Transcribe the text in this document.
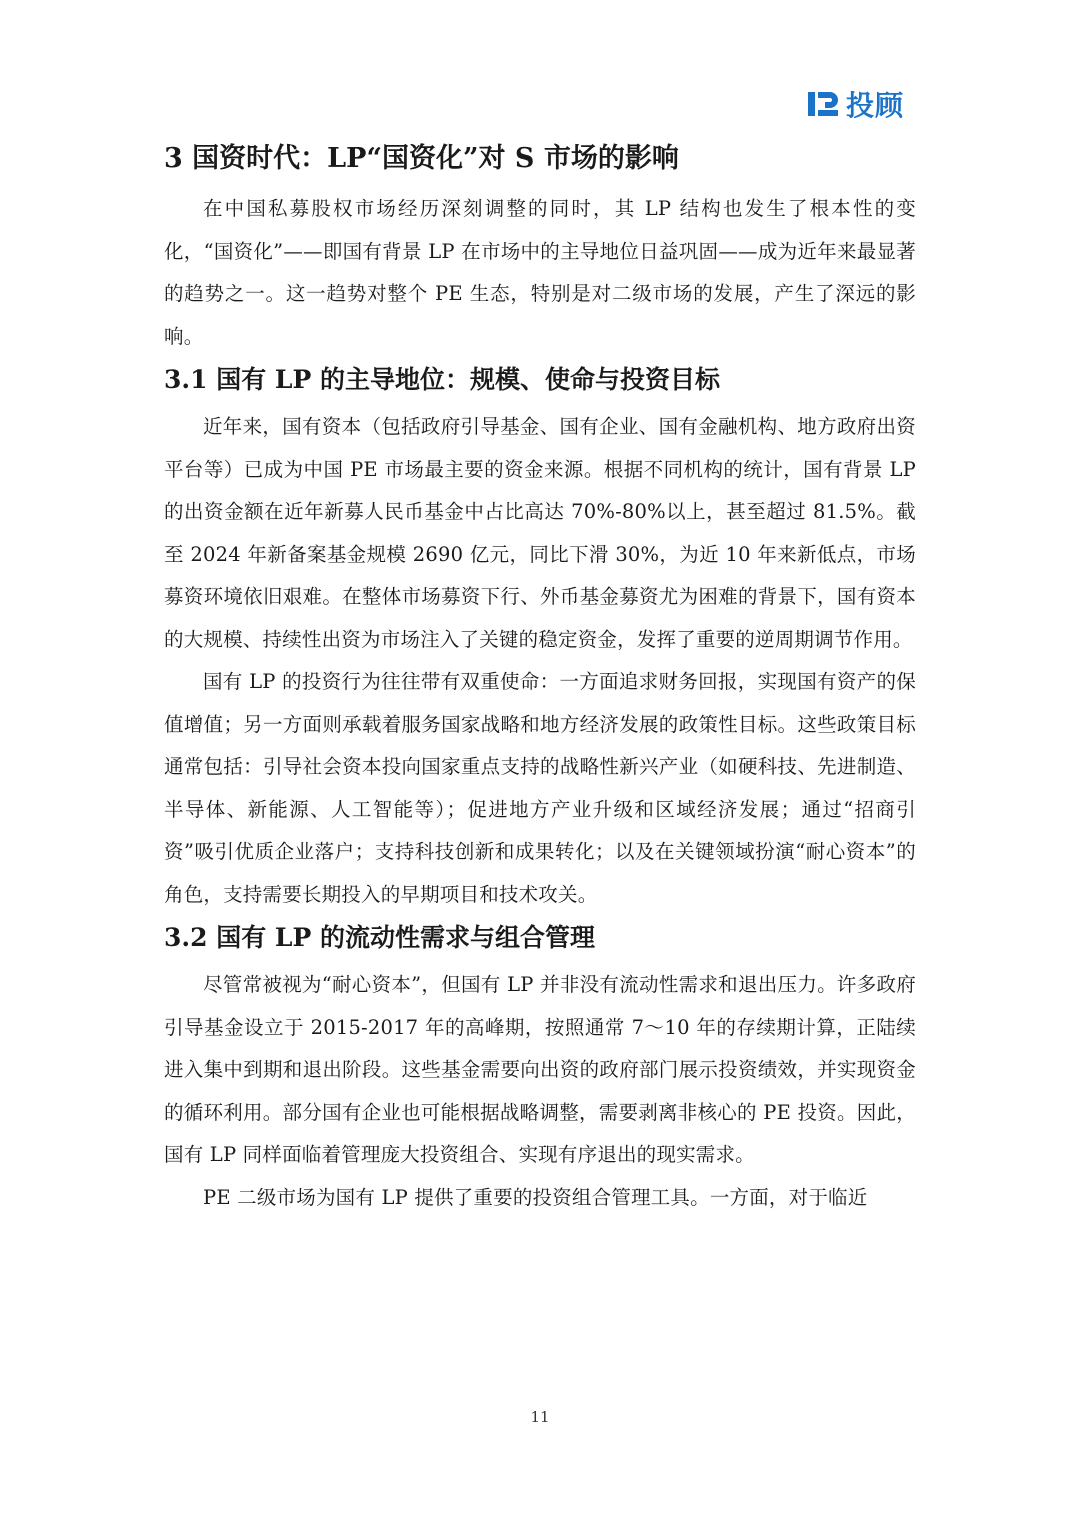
投顾
3 国资时代：LP“国资化”对 S 市场的影响

在中国私募股权市场经历深刻调整的同时，其 LP 结构也发生了根本性的变化，“国资化”——即国有背景 LP 在市场中的主导地位日益巩固——成为近年来最显著的趋势之一。这一趋势对整个 PE 生态，特别是对二级市场的发展，产生了深远的影响。

3.1 国有 LP 的主导地位：规模、使命与投资目标

近年来，国有资本（包括政府引导基金、国有企业、国有金融机构、地方政府出资平台等）已成为中国 PE 市场最主要的资金来源。根据不同机构的统计，国有背景 LP 的出资金额在近年新募人民币基金中占比高达 70%-80%以上，甚至超过 81.5%。截至 2024 年新备案基金规模 2690 亿元，同比下滑 30%，为近 10 年来新低点，市场募资环境依旧艰难。在整体市场募资下行、外币基金募资尤为困难的背景下，国有资本的大规模、持续性出资为市场注入了关键的稳定资金，发挥了重要的逆周期调节作用。

国有 LP 的投资行为往往带有双重使命：一方面追求财务回报，实现国有资产的保值增值；另一方面则承载着服务国家战略和地方经济发展的政策性目标。这些政策目标通常包括：引导社会资本投向国家重点支持的战略性新兴产业（如硬科技、先进制造、半导体、新能源、人工智能等）；促进地方产业升级和区域经济发展；通过“招商引资”吸引优质企业落户；支持科技创新和成果转化；以及在关键领域扮演“耐心资本”的角色，支持需要长期投入的早期项目和技术攻关。

3.2 国有 LP 的流动性需求与组合管理

尽管常被视为“耐心资本”，但国有 LP 并非没有流动性需求和退出压力。许多政府引导基金设立于 2015-2017 年的高峰期，按照通常 7～10 年的存续期计算，正陆续进入集中到期和退出阶段。这些基金需要向出资的政府部门展示投资绩效，并实现资金的循环利用。部分国有企业也可能根据战略调整，需要剥离非核心的 PE 投资。因此，国有 LP 同样面临着管理庞大投资组合、实现有序退出的现实需求。

PE 二级市场为国有 LP 提供了重要的投资组合管理工具。一方面，对于临近

11
